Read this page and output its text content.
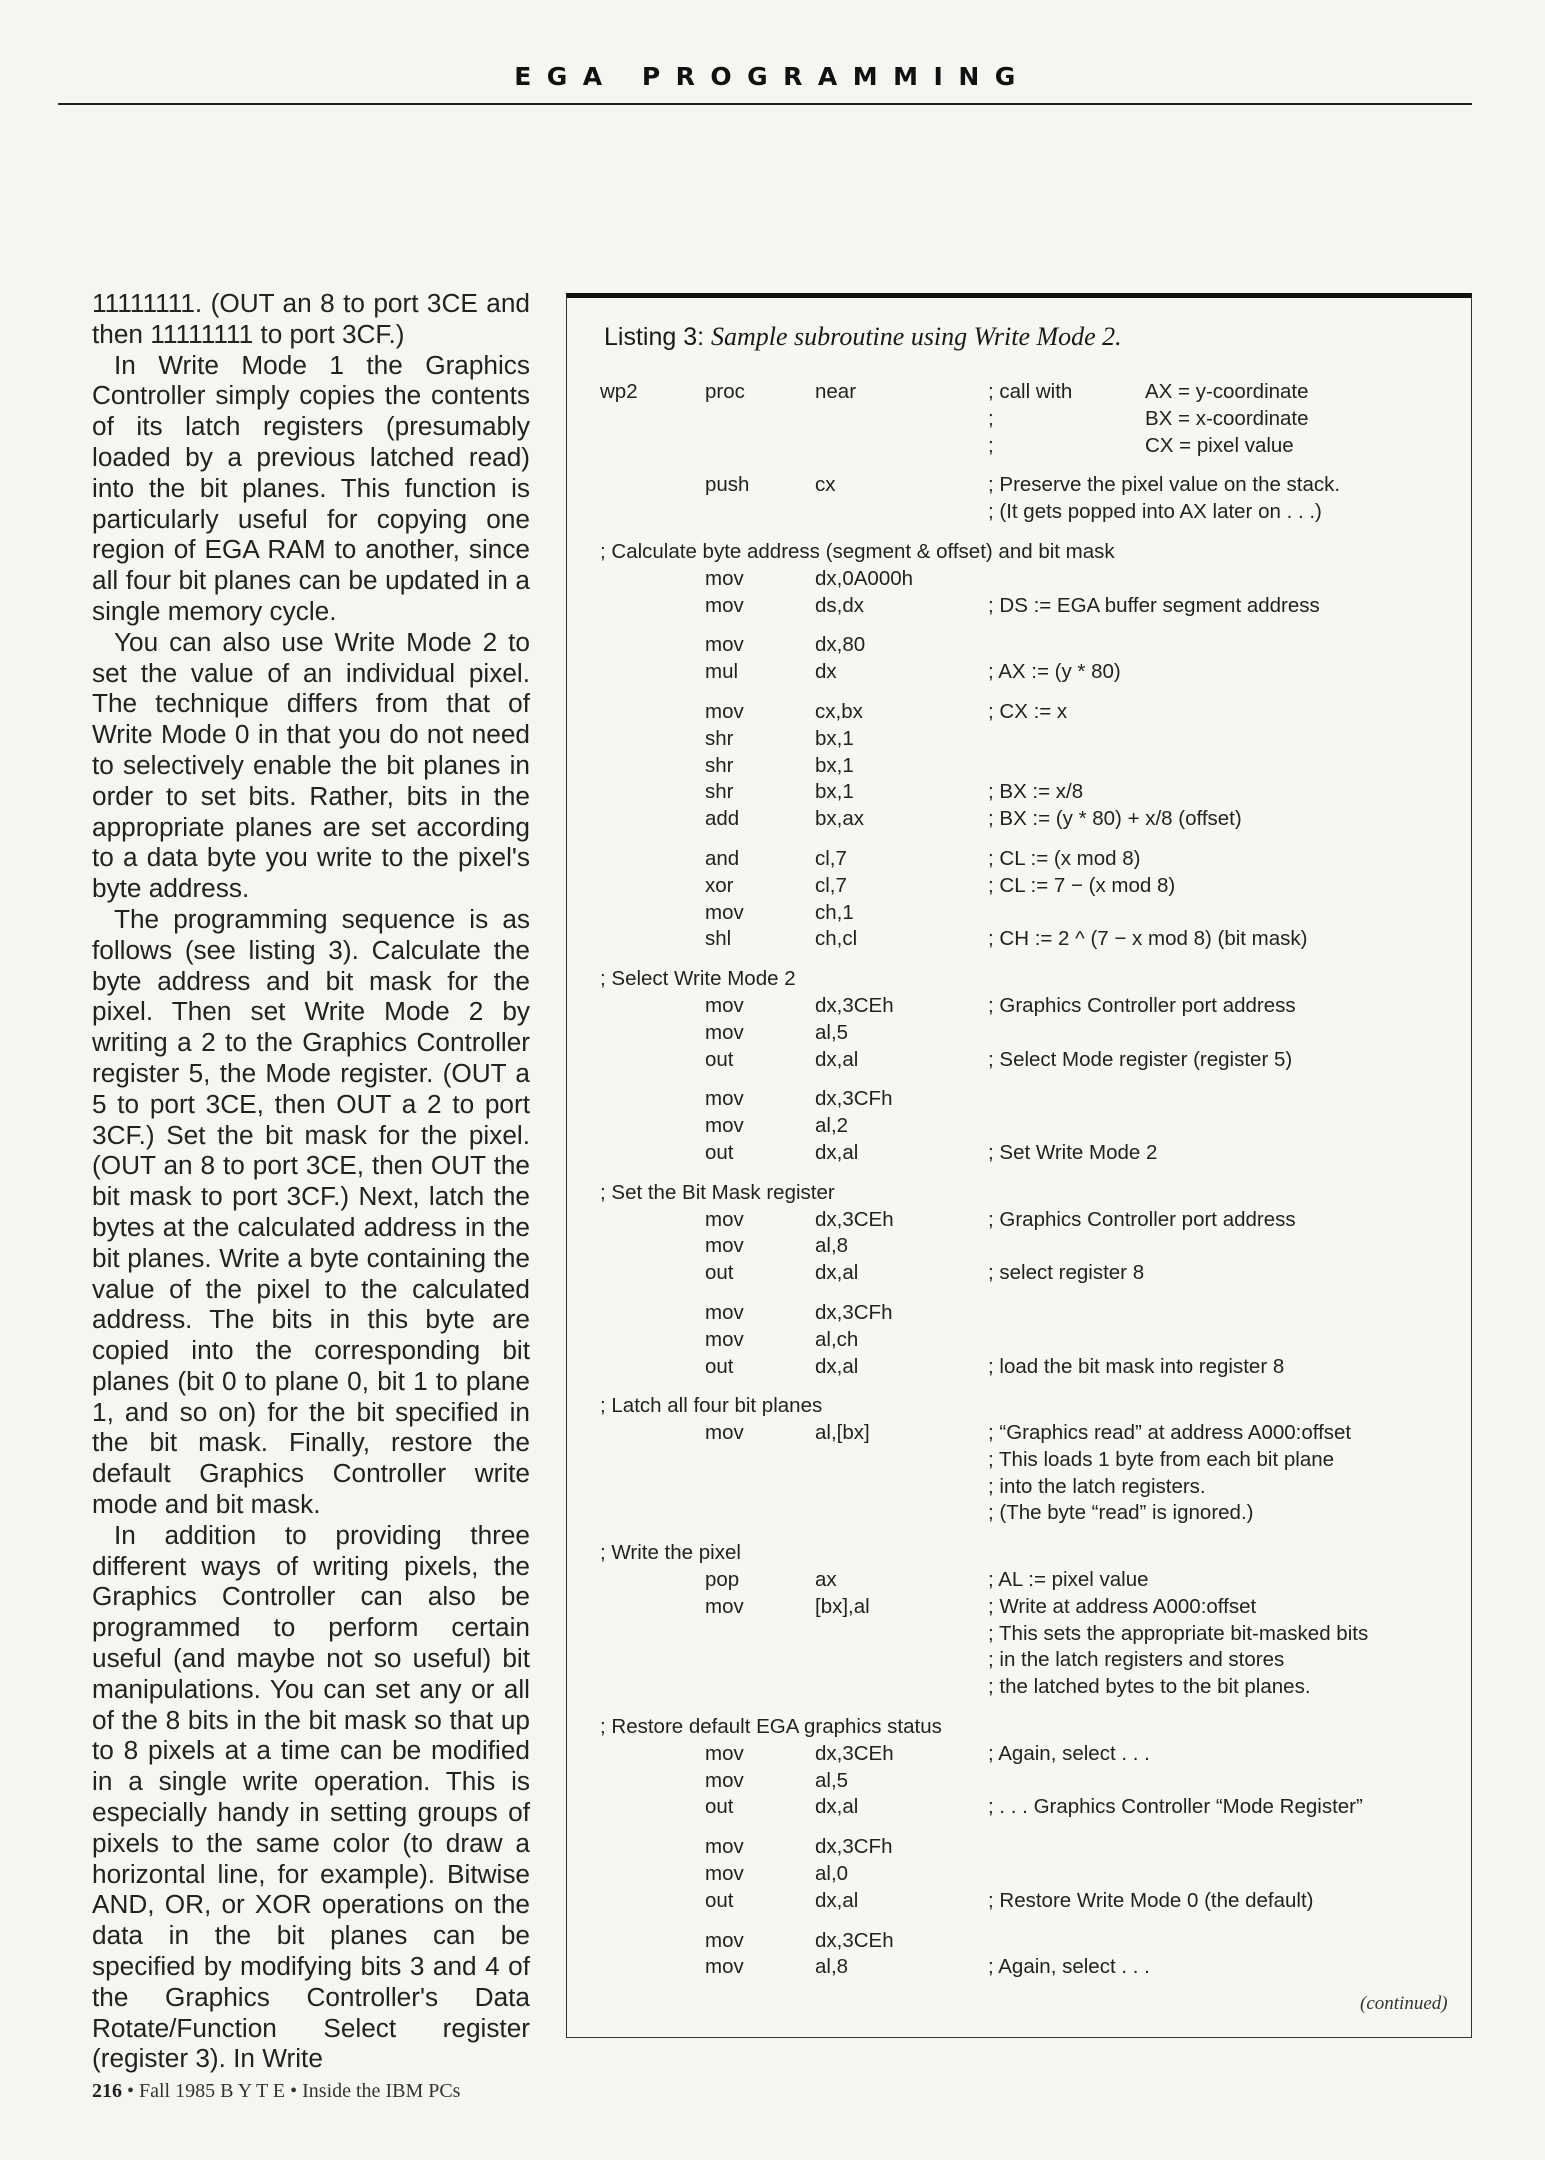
EGA PROGRAMMING

11111111. (OUT an 8 to port 3CE and then 11111111 to port 3CF.)

In Write Mode 1 the Graphics Controller simply copies the contents of its latch registers (presumably loaded by a previous latched read) into the bit planes. This function is particularly useful for copying one region of EGA RAM to another, since all four bit planes can be updated in a single memory cycle.

You can also use Write Mode 2 to set the value of an individual pixel. The technique differs from that of Write Mode 0 in that you do not need to selectively enable the bit planes in order to set bits. Rather, bits in the appropriate planes are set according to a data byte you write to the pixel's byte address.

The programming sequence is as follows (see listing 3). Calculate the byte address and bit mask for the pixel. Then set Write Mode 2 by writing a 2 to the Graphics Controller register 5, the Mode register. (OUT a 5 to port 3CE, then OUT a 2 to port 3CF.) Set the bit mask for the pixel. (OUT an 8 to port 3CE, then OUT the bit mask to port 3CF.) Next, latch the bytes at the calculated address in the bit planes. Write a byte containing the value of the pixel to the calculated address. The bits in this byte are copied into the corresponding bit planes (bit 0 to plane 0, bit 1 to plane 1, and so on) for the bit specified in the bit mask. Finally, restore the default Graphics Controller write mode and bit mask.

In addition to providing three different ways of writing pixels, the Graphics Controller can also be programmed to perform certain useful (and maybe not so useful) bit manipulations. You can set any or all of the 8 bits in the bit mask so that up to 8 pixels at a time can be modified in a single write operation. This is especially handy in setting groups of pixels to the same color (to draw a horizontal line, for example). Bitwise AND, OR, or XOR operations on the data in the bit planes can be specified by modifying bits 3 and 4 of the Graphics Controller's Data Rotate/Function Select register (register 3). In Write

Listing 3: Sample subroutine using Write Mode 2.
wp2	proc	near	; call with	AX = y-coordinate
;	BX = x-coordinate
;	CX = pixel value
push	cx	; Preserve the pixel value on the stack.
; (It gets popped into AX later on . . .)
; Calculate byte address (segment & offset) and bit mask
mov	dx,0A000h
mov	ds,dx	; DS := EGA buffer segment address
mov	dx,80
mul	dx	; AX := (y * 80)
mov	cx,bx	; CX := x
shr	bx,1
shr	bx,1
shr	bx,1	; BX := x/8
add	bx,ax	; BX := (y * 80) + x/8 (offset)
and	cl,7	; CL := (x mod 8)
xor	cl,7	; CL := 7 − (x mod 8)
mov	ch,1
shl	ch,cl	; CH := 2 ^ (7 − x mod 8) (bit mask)
; Select Write Mode 2
mov	dx,3CEh	; Graphics Controller port address
mov	al,5
out	dx,al	; Select Mode register (register 5)
mov	dx,3CFh
mov	al,2
out	dx,al	; Set Write Mode 2
; Set the Bit Mask register
mov	dx,3CEh	; Graphics Controller port address
mov	al,8
out	dx,al	; select register 8
mov	dx,3CFh
mov	al,ch
out	dx,al	; load the bit mask into register 8
; Latch all four bit planes
mov	al,[bx]	; “Graphics read” at address A000:offset
; This loads 1 byte from each bit plane
; into the latch registers.
; (The byte “read” is ignored.)
; Write the pixel
pop	ax	; AL := pixel value
mov	[bx],al	; Write at address A000:offset
; This sets the appropriate bit-masked bits
; in the latch registers and stores
; the latched bytes to the bit planes.
; Restore default EGA graphics status
mov	dx,3CEh	; Again, select . . .
mov	al,5
out	dx,al	; . . . Graphics Controller “Mode Register”
mov	dx,3CFh
mov	al,0
out	dx,al	; Restore Write Mode 0 (the default)
mov	dx,3CEh
mov	al,8	; Again, select . . .
(continued)
216 • Fall 1985 B Y T E • Inside the IBM PCs
